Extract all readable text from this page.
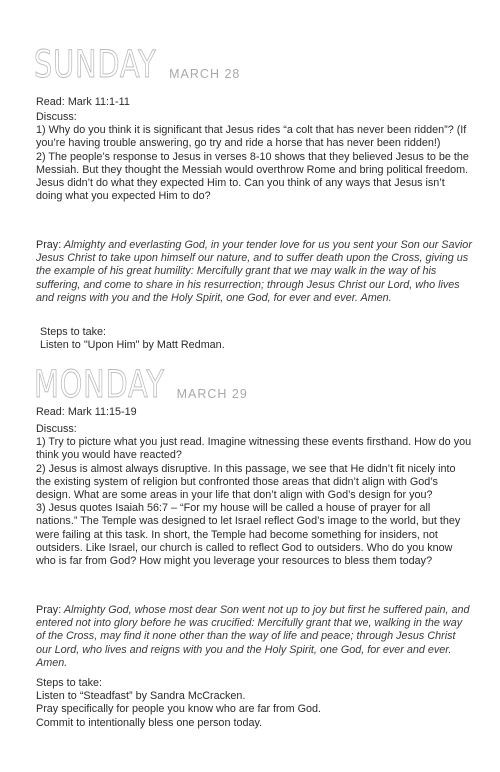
SUNDAY MARCH 28
Read: Mark 11:1-11

Discuss:

1) Why do you think it is significant that Jesus rides “a colt that has never been ridden”? (If you’re having trouble answering, go try and ride a horse that has never been ridden!)

2) The people’s response to Jesus in verses 8-10 shows that they believed Jesus to be the Messiah. But they thought the Messiah would overthrow Rome and bring political freedom. Jesus didn’t do what they expected Him to. Can you think of any ways that Jesus isn’t doing what you expected Him to do?

Pray: Almighty and everlasting God, in your tender love for us you sent your Son our Savior Jesus Christ to take upon himself our nature, and to suffer death upon the Cross, giving us the example of his great humility: Mercifully grant that we may walk in the way of his suffering, and come to share in his resurrection; through Jesus Christ our Lord, who lives and reigns with you and the Holy Spirit, one God, for ever and ever. Amen.

Steps to take:

Listen to "Upon Him" by Matt Redman.

MONDAY MARCH 29
Read: Mark 11:15-19

Discuss:

1) Try to picture what you just read. Imagine witnessing these events firsthand. How do you think you would have reacted?

2) Jesus is almost always disruptive. In this passage, we see that He didn’t fit nicely into the existing system of religion but confronted those areas that didn’t align with God’s design. What are some areas in your life that don’t align with God’s design for you?

3) Jesus quotes Isaiah 56:7 – “For my house will be called a house of prayer for all nations.” The Temple was designed to let Israel reflect God’s image to the world, but they were failing at this task. In short, the Temple had become something for insiders, not outsiders. Like Israel, our church is called to reflect God to outsiders. Who do you know who is far from God? How might you leverage your resources to bless them today?

Pray: Almighty God, whose most dear Son went not up to joy but first he suffered pain, and entered not into glory before he was crucified: Mercifully grant that we, walking in the way of the Cross, may find it none other than the way of life and peace; through Jesus Christ our Lord, who lives and reigns with you and the Holy Spirit, one God, for ever and ever. Amen.

Steps to take:

Listen to “Steadfast” by Sandra McCracken.

Pray specifically for people you know who are far from God.

Commit to intentionally bless one person today.
